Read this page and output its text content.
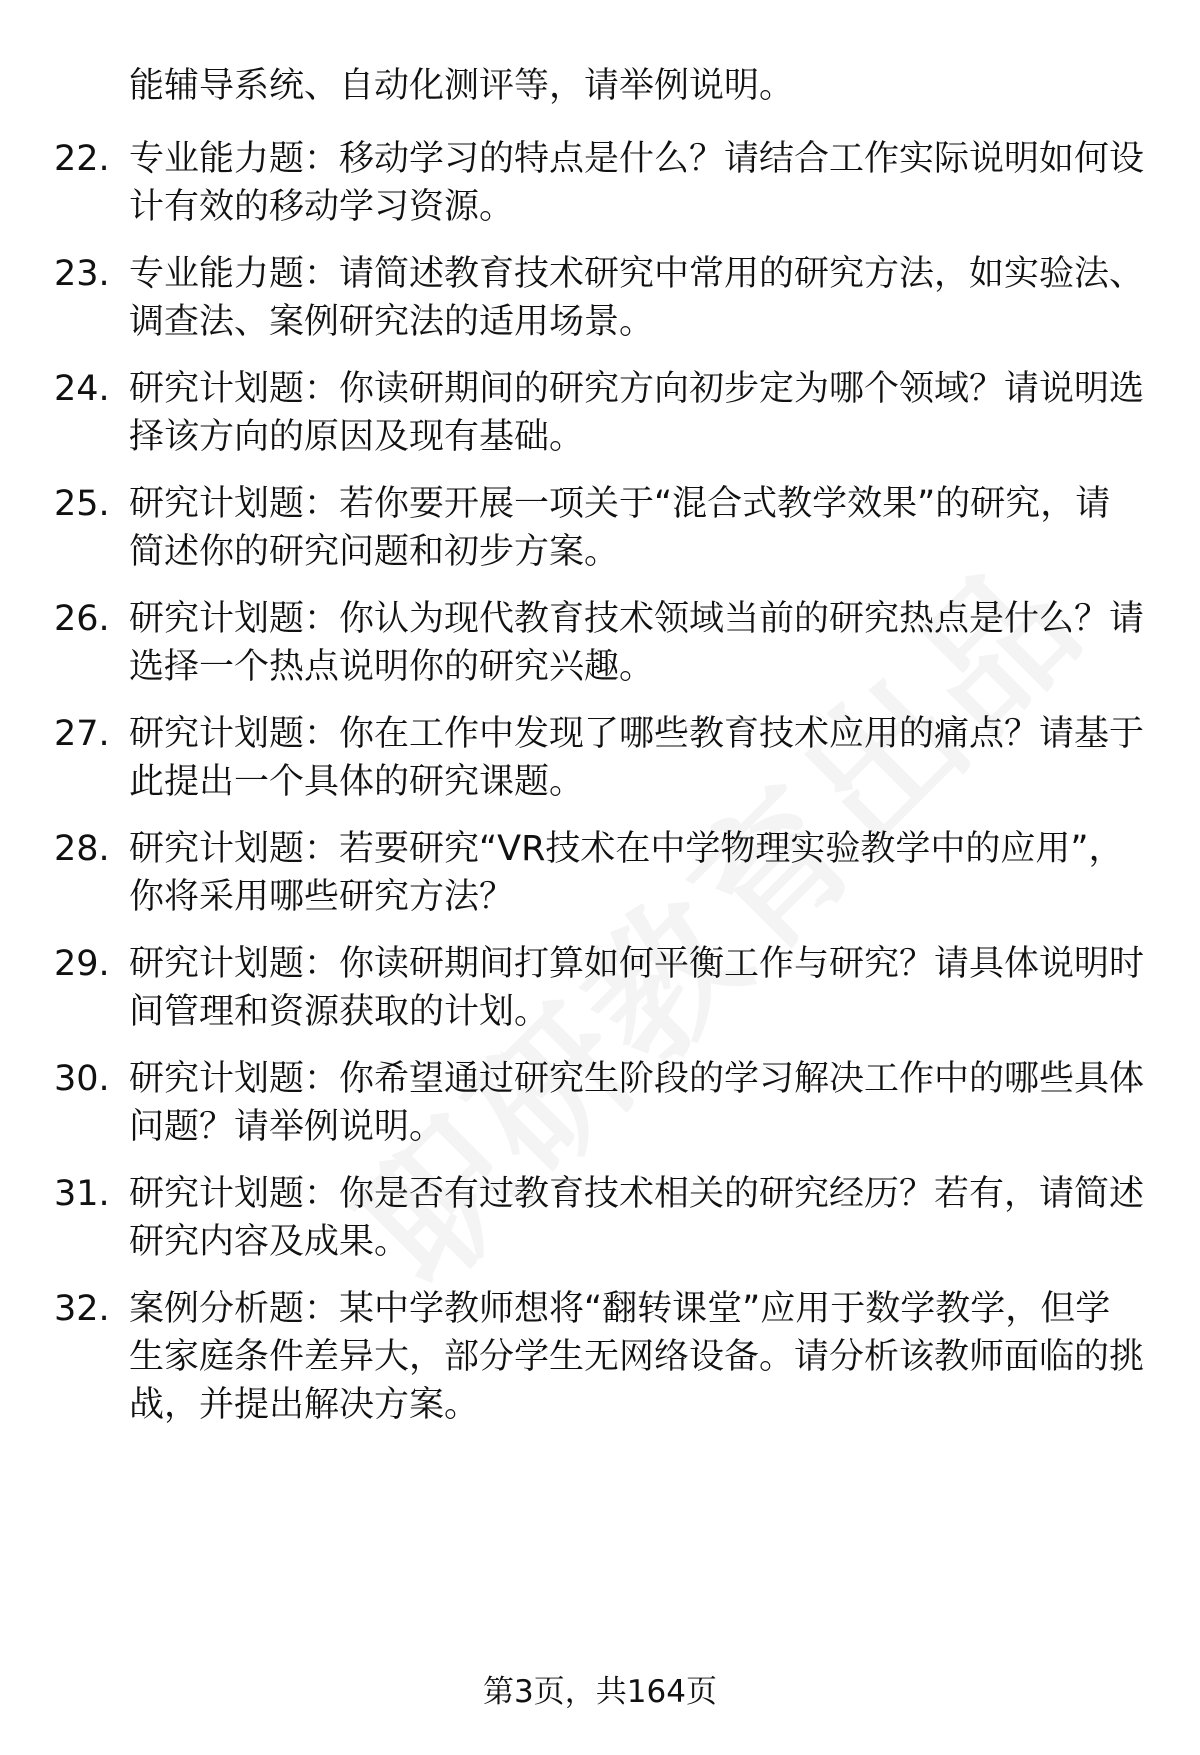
能辅导系统、自动化测评等，请举例说明。

22. 专业能力题：移动学习的特点是什么？请结合工作实际说明如何设计有效的移动学习资源。

23. 专业能力题：请简述教育技术研究中常用的研究方法，如实验法、调查法、案例研究法的适用场景。

24. 研究计划题：你读研期间的研究方向初步定为哪个领域？请说明选择该方向的原因及现有基础。

25. 研究计划题：若你要开展一项关于“混合式教学效果”的研究，请简述你的研究问题和初步方案。

26. 研究计划题：你认为现代教育技术领域当前的研究热点是什么？请选择一个热点说明你的研究兴趣。

27. 研究计划题：你在工作中发现了哪些教育技术应用的痛点？请基于此提出一个具体的研究课题。

28. 研究计划题：若要研究“VR技术在中学物理实验教学中的应用”，你将采用哪些研究方法？

29. 研究计划题：你读研期间打算如何平衡工作与研究？请具体说明时间管理和资源获取的计划。

30. 研究计划题：你希望通过研究生阶段的学习解决工作中的哪些具体问题？请举例说明。

31. 研究计划题：你是否有过教育技术相关的研究经历？若有，请简述研究内容及成果。

32. 案例分析题：某中学教师想将“翻转课堂”应用于数学教学，但学生家庭条件差异大，部分学生无网络设备。请分析该教师面临的挑战，并提出解决方案。

第3页，共164页
